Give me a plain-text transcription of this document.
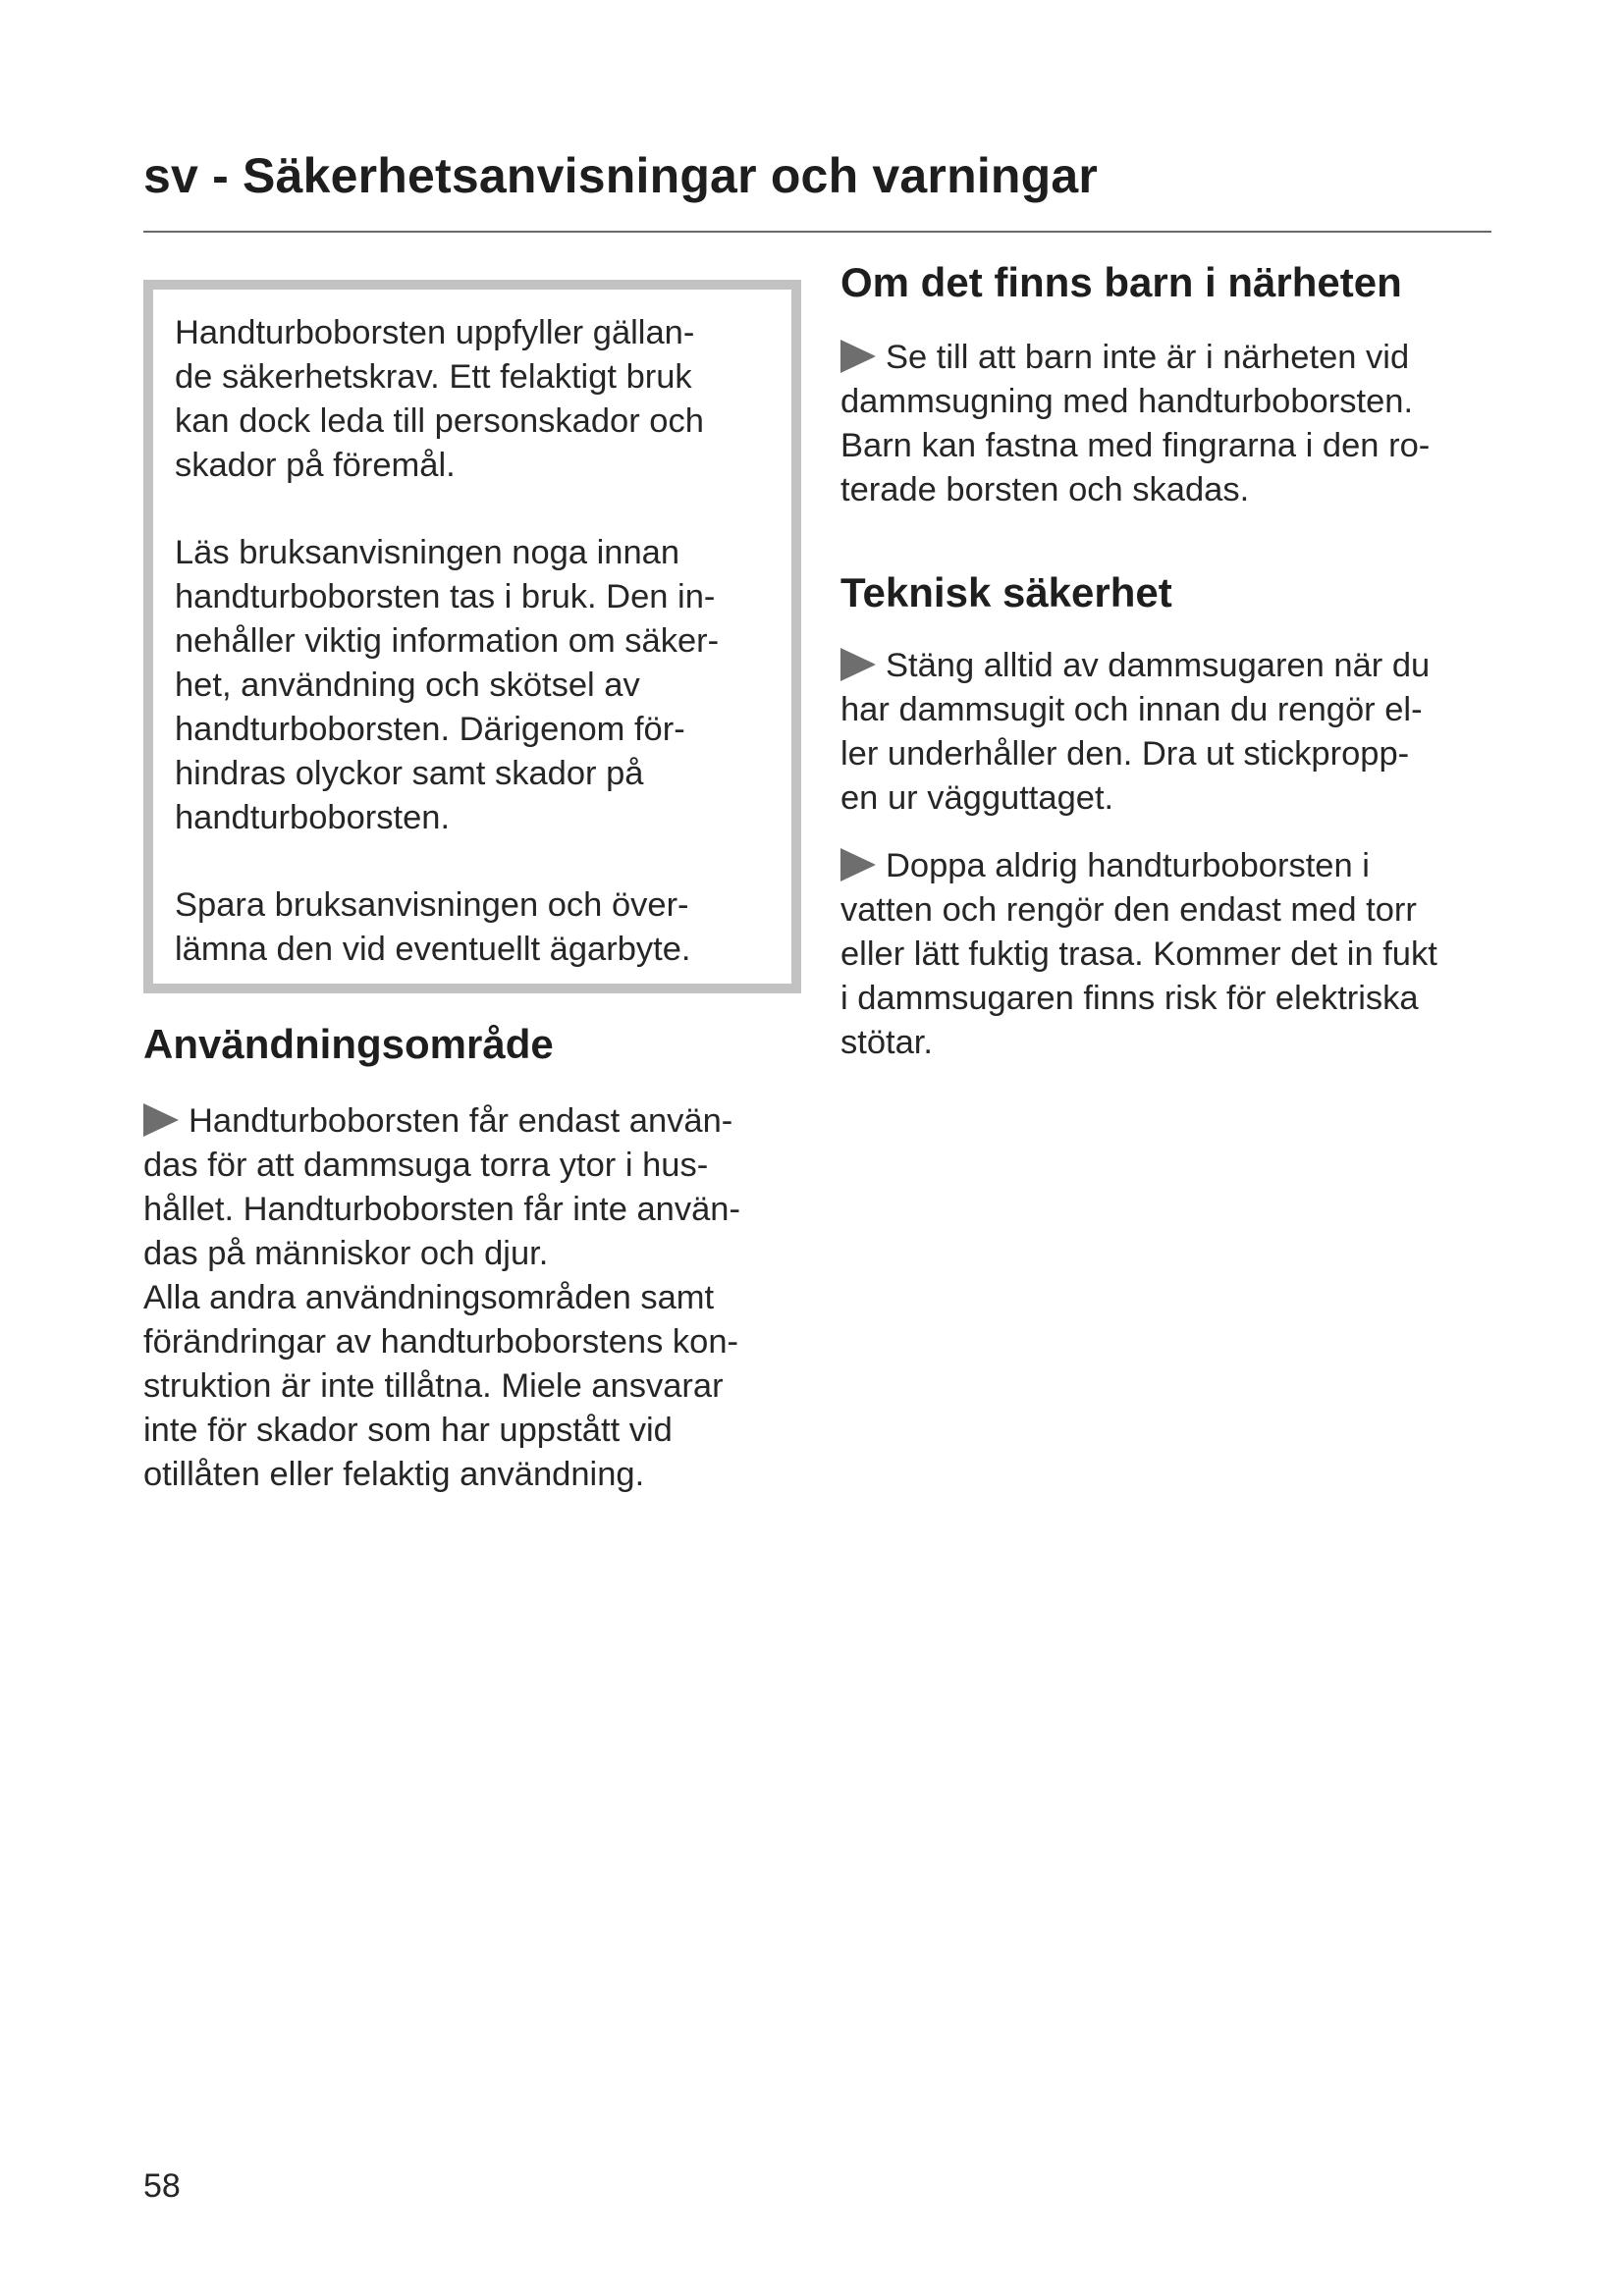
sv - Säkerhetsanvisningar och varningar

Handturboborsten uppfyller gällan-
de säkerhetskrav. Ett felaktigt bruk
kan dock leda till personskador och
skador på föremål.

Läs bruksanvisningen noga innan
handturboborsten tas i bruk. Den in-
nehåller viktig information om säker-
het, användning och skötsel av
handturboborsten. Därigenom för-
hindras olyckor samt skador på
handturboborsten.

Spara bruksanvisningen och över-
lämna den vid eventuellt ägarbyte.

Användningsområde
Handturboborsten får endast använ-
das för att dammsuga torra ytor i hus-
hållet. Handturboborsten får inte använ-
das på människor och djur.
Alla andra användningsområden samt
förändringar av handturboborstens kon-
struktion är inte tillåtna. Miele ansvarar
inte för skador som har uppstått vid
otillåten eller felaktig användning.
Om det finns barn i närheten
Se till att barn inte är i närheten vid
dammsugning med handturboborsten.
Barn kan fastna med fingrarna i den ro-
terade borsten och skadas.
Teknisk säkerhet
Stäng alltid av dammsugaren när du
har dammsugit och innan du rengör el-
ler underhåller den. Dra ut stickpropp-
en ur vägguttaget.
Doppa aldrig handturboborsten i
vatten och rengör den endast med torr
eller lätt fuktig trasa. Kommer det in fukt
i dammsugaren finns risk för elektriska
stötar.

58
